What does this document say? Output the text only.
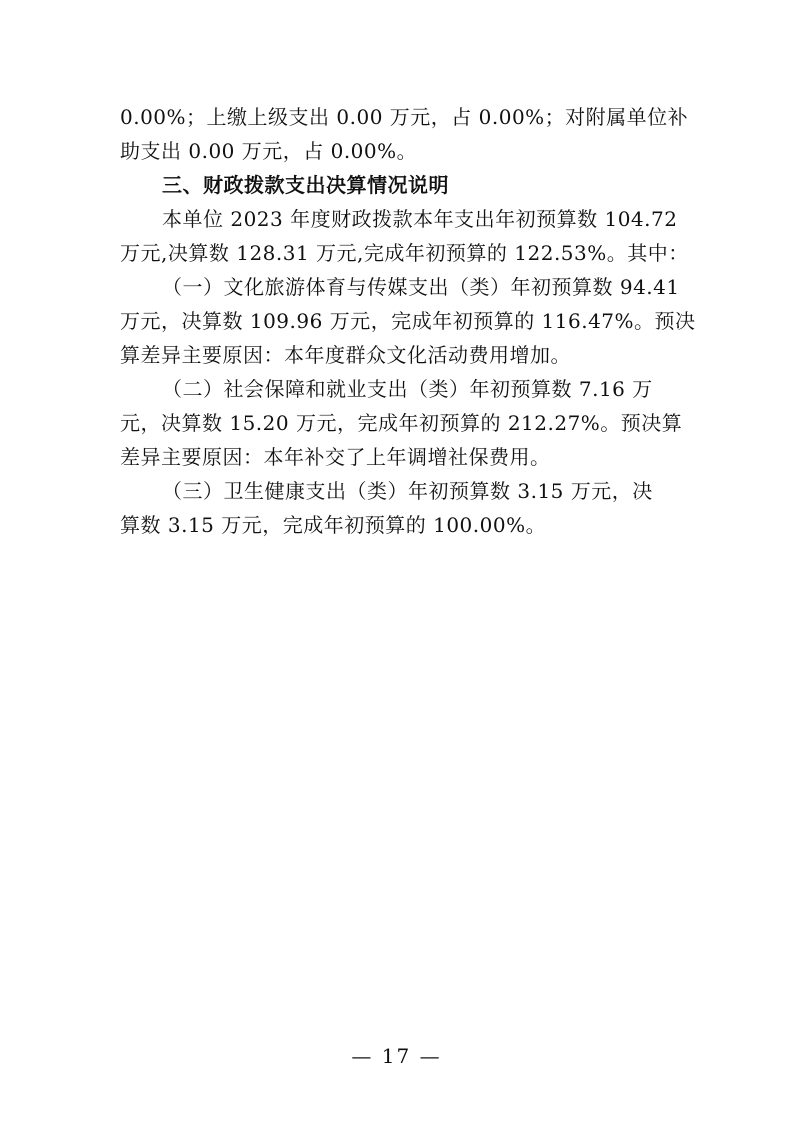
0.00%；上缴上级支出 0.00 万元，占 0.00%；对附属单位补
助支出 0.00 万元，占 0.00%。
三、财政拨款支出决算情况说明
本单位 2023 年度财政拨款本年支出年初预算数 104.72
万元,决算数 128.31 万元,完成年初预算的 122.53%。其中：
（一）文化旅游体育与传媒支出（类）年初预算数 94.41
万元，决算数 109.96 万元，完成年初预算的 116.47%。预决
算差异主要原因：本年度群众文化活动费用增加。
（二）社会保障和就业支出（类）年初预算数 7.16 万
元，决算数 15.20 万元，完成年初预算的 212.27%。预决算
差异主要原因：本年补交了上年调增社保费用。
（三）卫生健康支出（类）年初预算数 3.15 万元，决
算数 3.15 万元，完成年初预算的 100.00%。
— 17 —
